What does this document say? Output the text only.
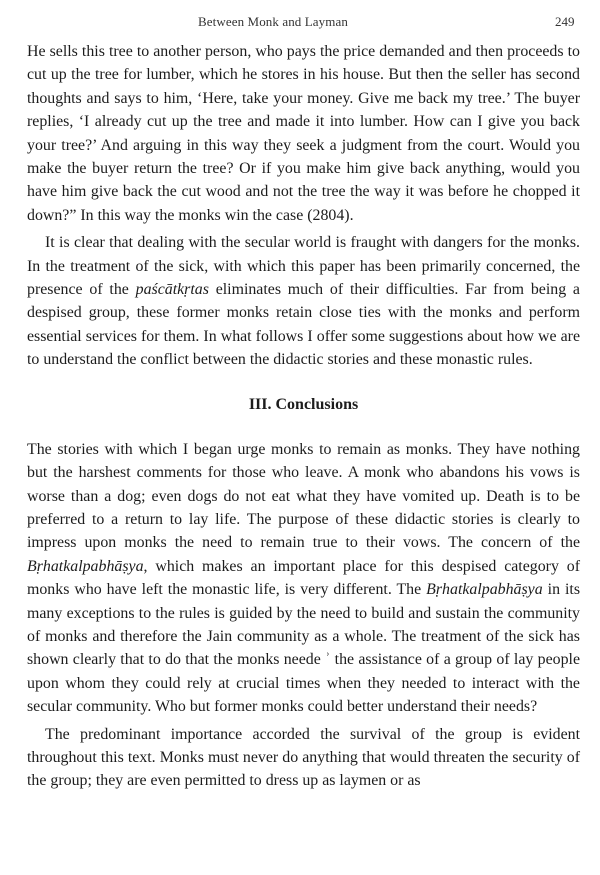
Between Monk and Layman	249

He sells this tree to another person, who pays the price demanded and then proceeds to cut up the tree for lumber, which he stores in his house. But then the seller has second thoughts and says to him, ‘Here, take your money. Give me back my tree.’ The buyer replies, ‘I already cut up the tree and made it into lumber. How can I give you back your tree?’ And arguing in this way they seek a judgment from the court. Would you make the buyer return the tree? Or if you make him give back anything, would you have him give back the cut wood and not the tree the way it was before he chopped it down?” In this way the monks win the case (2804).

It is clear that dealing with the secular world is fraught with dangers for the monks. In the treatment of the sick, with which this paper has been primarily concerned, the presence of the paścātkṛtas eliminates much of their difficulties. Far from being a despised group, these former monks retain close ties with the monks and perform essential services for them. In what follows I offer some suggestions about how we are to understand the conflict between the didactic stories and these monastic rules.

III. Conclusions

The stories with which I began urge monks to remain as monks. They have nothing but the harshest comments for those who leave. A monk who abandons his vows is worse than a dog; even dogs do not eat what they have vomited up. Death is to be preferred to a return to lay life. The purpose of these didactic stories is clearly to impress upon monks the need to remain true to their vows. The concern of the Bṛhatkalpabhāṣya, which makes an important place for this despised category of monks who have left the monastic life, is very different. The Bṛhatkalpabhāṣya in its many exceptions to the rules is guided by the need to build and sustain the community of monks and therefore the Jain community as a whole. The treatment of the sick has shown clearly that to do that the monks neede ʾ the assistance of a group of lay people upon whom they could rely at crucial times when they needed to interact with the secular community. Who but former monks could better understand their needs?

The predominant importance accorded the survival of the group is evident throughout this text. Monks must never do anything that would threaten the security of the group; they are even permitted to dress up as laymen or as
